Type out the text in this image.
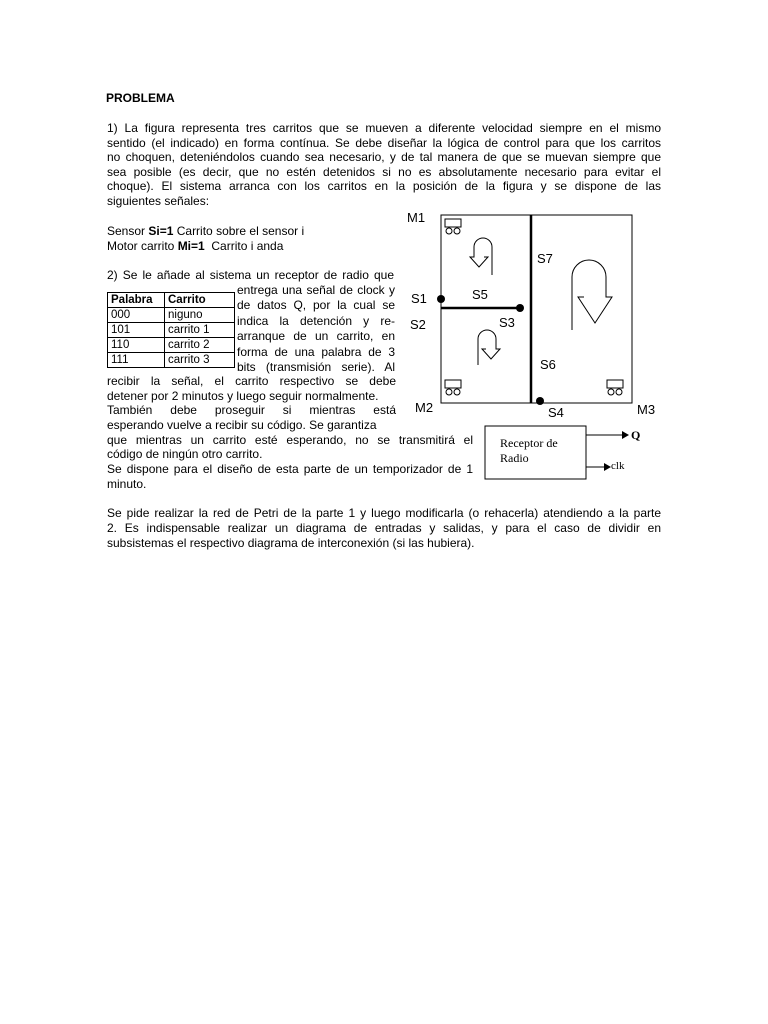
PROBLEMA
1) La figura representa tres carritos que se mueven a diferente velocidad siempre en el mismo
sentido (el indicado) en forma contínua. Se debe diseñar la lógica de control para que los carritos
no choquen, deteniéndolos cuando sea necesario, y de tal manera de que se muevan siempre que
sea posible (es decir, que no estén detenidos si no es absolutamente necesario para evitar el
choque). El sistema arranca con los carritos en la posición de la figura y se dispone de las
siguientes señales:
Sensor Si=1 Carrito sobre el sensor i
Motor carrito Mi=1  Carrito i anda
2) Se le añade al sistema un receptor de radio que
Palabra	Carrito
000	niguno
101	carrito 1
110	carrito 2
111	carrito 3
entrega una señal de clock y
de datos Q, por la cual se
indica la detención y re-
arranque de un carrito, en
forma de una palabra de 3
bits (transmisión serie). Al
recibir la señal, el carrito respectivo se debe
detener por 2 minutos y luego seguir normalmente.
También debe proseguir si mientras está
esperando vuelve a recibir su código. Se garantiza
que mientras un carrito esté esperando, no se transmitirá el
código de ningún otro carrito.
Se dispone para el diseño de esta parte de un temporizador de 1
minuto.
M1
S1
S2
S5
S3
S7
S6
M2	S4	M3
Receptor de
Radio
Q
clk
Se pide realizar la red de Petri de la parte 1 y luego modificarla (o rehacerla) atendiendo a la parte
2. Es indispensable realizar un diagrama de entradas y salidas, y para el caso de dividir en
subsistemas el respectivo diagrama de interconexión (si las hubiera).
